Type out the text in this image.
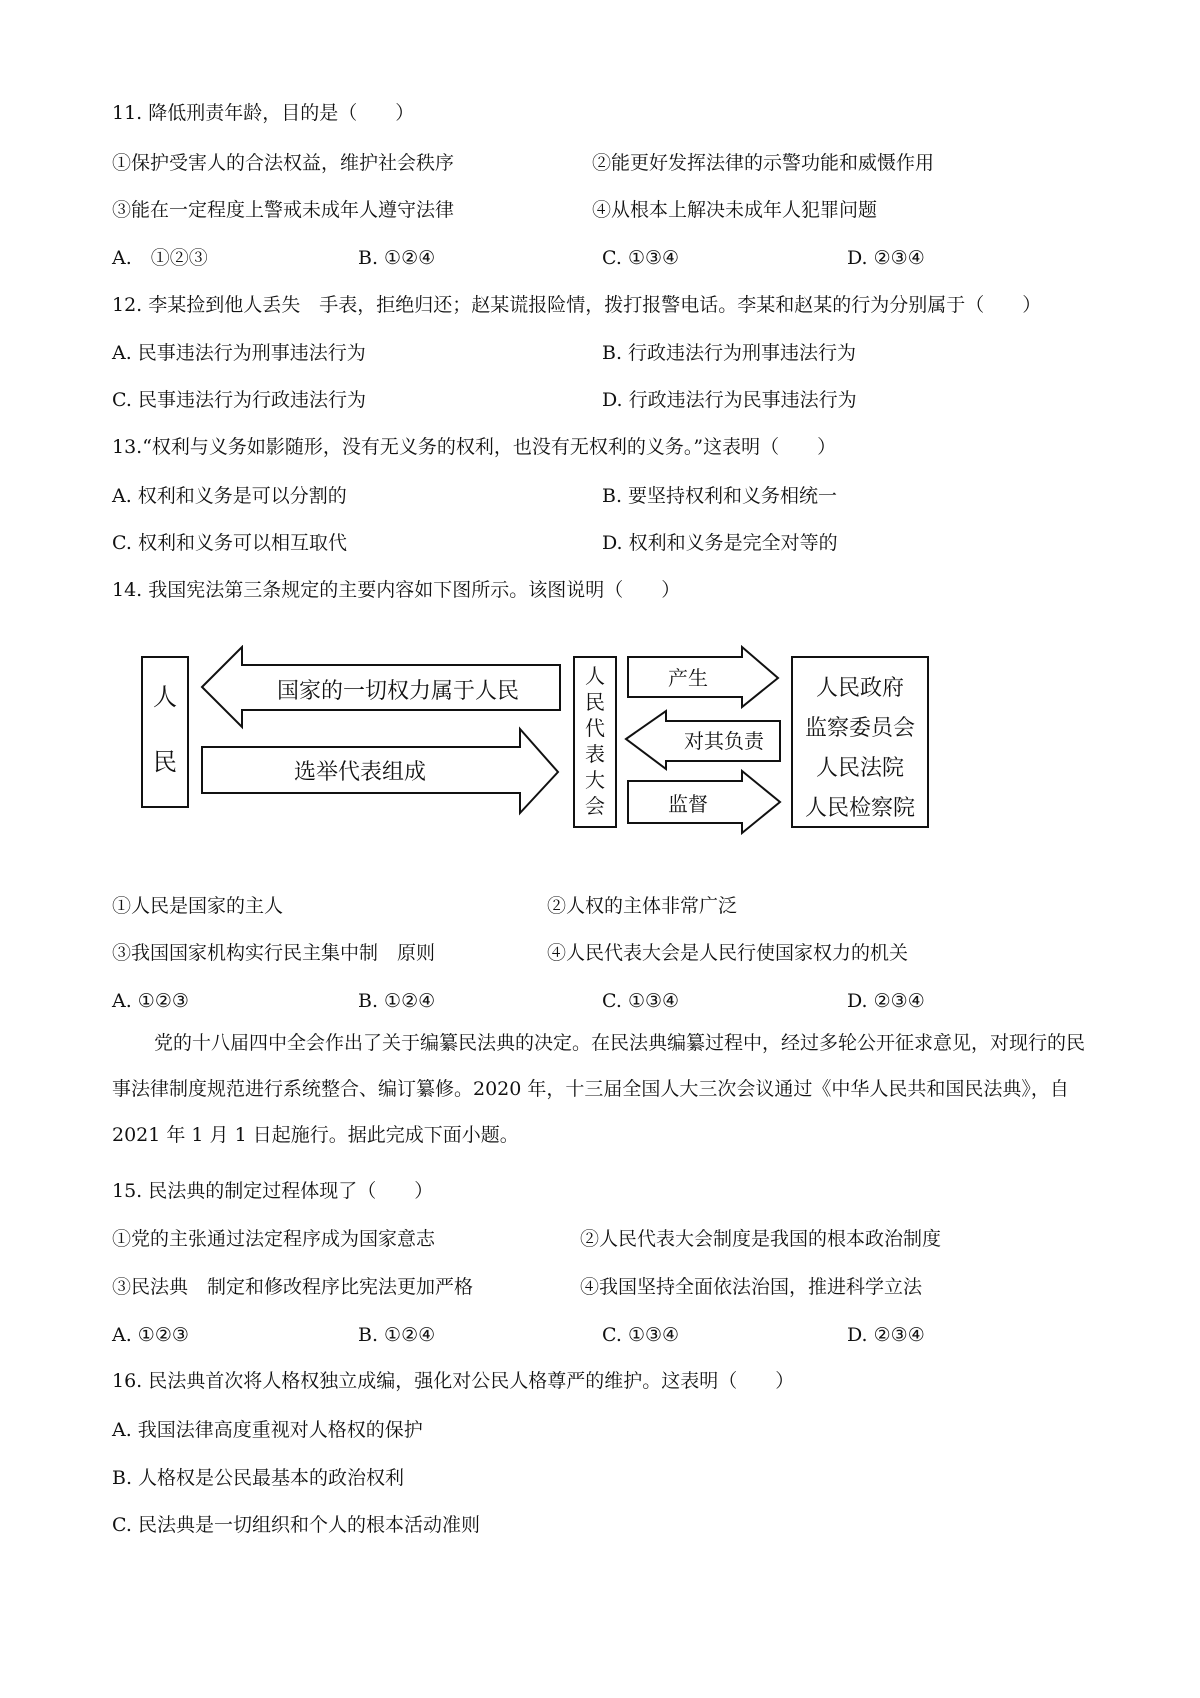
11. 降低刑责年龄，目的是（　　）
①保护受害人的合法权益，维护社会秩序	②能更好发挥法律的示警功能和威慑作用
③能在一定程度上警戒未成年人遵守法律	④从根本上解决未成年人犯罪问题
A.　①②③	B. ①②④	C. ①③④	D. ②③④
12. 李某捡到他人丢失　手表，拒绝归还；赵某谎报险情，拨打报警电话。李某和赵某的行为分别属于（　　）
A. 民事违法行为刑事违法行为	B. 行政违法行为刑事违法行为
C. 民事违法行为行政违法行为	D. 行政违法行为民事违法行为
13.“权利与义务如影随形，没有无义务的权利，也没有无权利的义务。”这表明（　　）
A. 权利和义务是可以分割的	B. 要坚持权利和义务相统一
C. 权利和义务可以相互取代	D. 权利和义务是完全对等的
14. 我国宪法第三条规定的主要内容如下图所示。该图说明（　　）
人
民
国家的一切权力属于人民
选举代表组成
人
民
代
表
大
会
产生
对其负责
监督
人民政府
监察委员会
人民法院
人民检察院
①人民是国家的主人	②人权的主体非常广泛
③我国国家机构实行民主集中制　原则	④人民代表大会是人民行使国家权力的机关
A. ①②③	B. ①②④	C. ①③④	D. ②③④
党的十八届四中全会作出了关于编纂民法典的决定。在民法典编纂过程中，经过多轮公开征求意见，对现行的民事法律制度规范进行系统整合、编订纂修。2020 年，十三届全国人大三次会议通过《中华人民共和国民法典》，自 2021 年 1 月 1 日起施行。据此完成下面小题。
15. 民法典的制定过程体现了（　　）
①党的主张通过法定程序成为国家意志	②人民代表大会制度是我国的根本政治制度
③民法典　制定和修改程序比宪法更加严格	④我国坚持全面依法治国，推进科学立法
A. ①②③	B. ①②④	C. ①③④	D. ②③④
16. 民法典首次将人格权独立成编，强化对公民人格尊严的维护。这表明（　　）
A. 我国法律高度重视对人格权的保护
B. 人格权是公民最基本的政治权利
C. 民法典是一切组织和个人的根本活动准则
